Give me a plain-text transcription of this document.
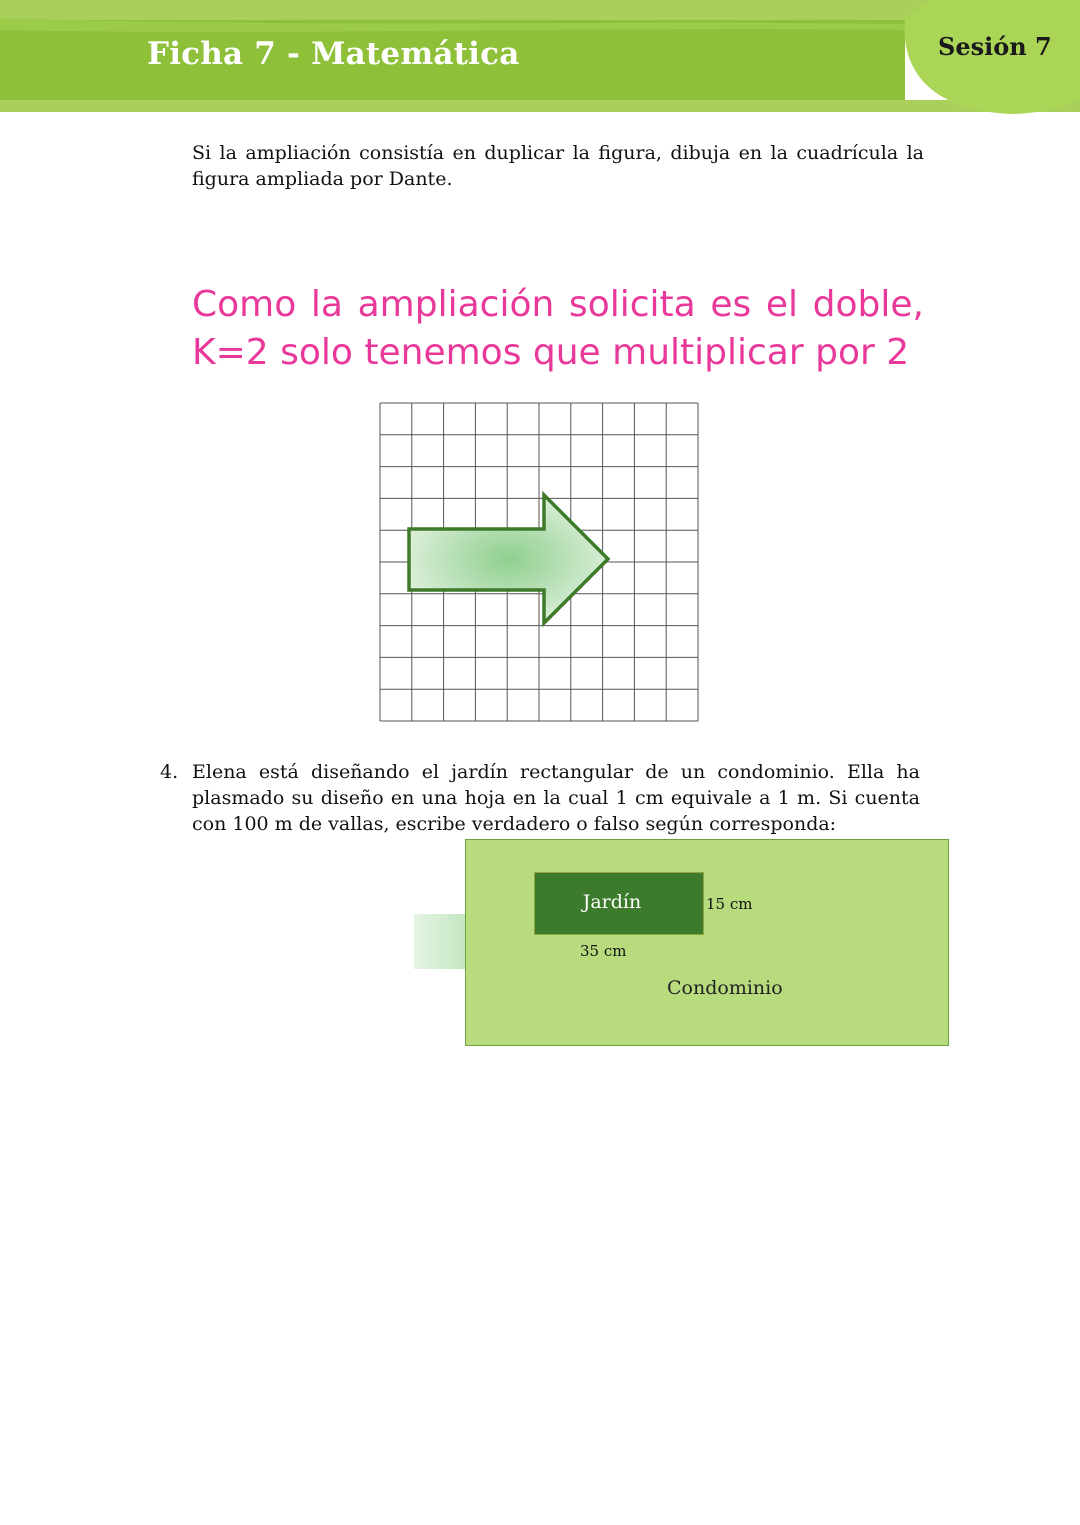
Ficha 7 - Matemática	Sesión 7
Si la ampliación consistía en duplicar la figura, dibuja en la cuadrícula la figura ampliada por Dante.
Como la ampliación solicita es el doble, K=2 solo tenemos que multiplicar por 2
4. Elena está diseñando el jardín rectangular de un condominio. Ella ha plasmado su diseño en una hoja en la cual 1 cm equivale a 1 m. Si cuenta con 100 m de vallas, escribe verdadero o falso según corresponda:
1
Jardín	15 cm
35 cm
Condominio
